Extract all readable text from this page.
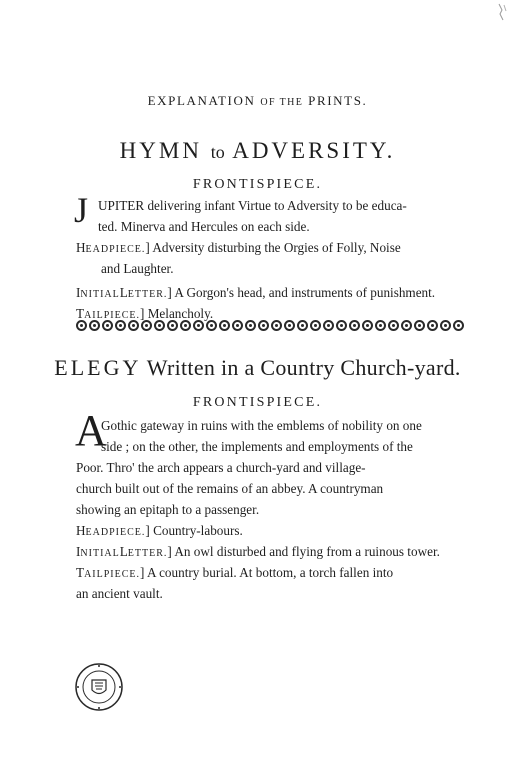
EXPLANATION OF THE PRINTS.
HYMN to ADVERSITY.
FRONTISPIECE.
J UPITER delivering infant Virtue to Adversity to be educa-
ted. Minerva and Hercules on each side.
HEADPIECE.] Adversity disturbing the Orgies of Folly, Noise
and Laughter.
INITIALLETTER.] A Gorgon's head, and instruments of punishment.
TAILPIECE.] Melancholy.
ELEGY Written in a Country Church-yard.
FRONTISPIECE.
A
Gothic gateway in ruins with the emblems of nobility on one
side ; on the other, the implements and employments of the
Poor. Thro' the arch appears a church-yard and village-
church built out of the remains of an abbey. A countryman
showing an epitaph to a passenger.
HEADPIECE.] Country-labours.
INITIALLETTER.] An owl disturbed and flying from a ruinous tower.
TAILPIECE.] A country burial. At bottom, a torch fallen into
an ancient vault.
